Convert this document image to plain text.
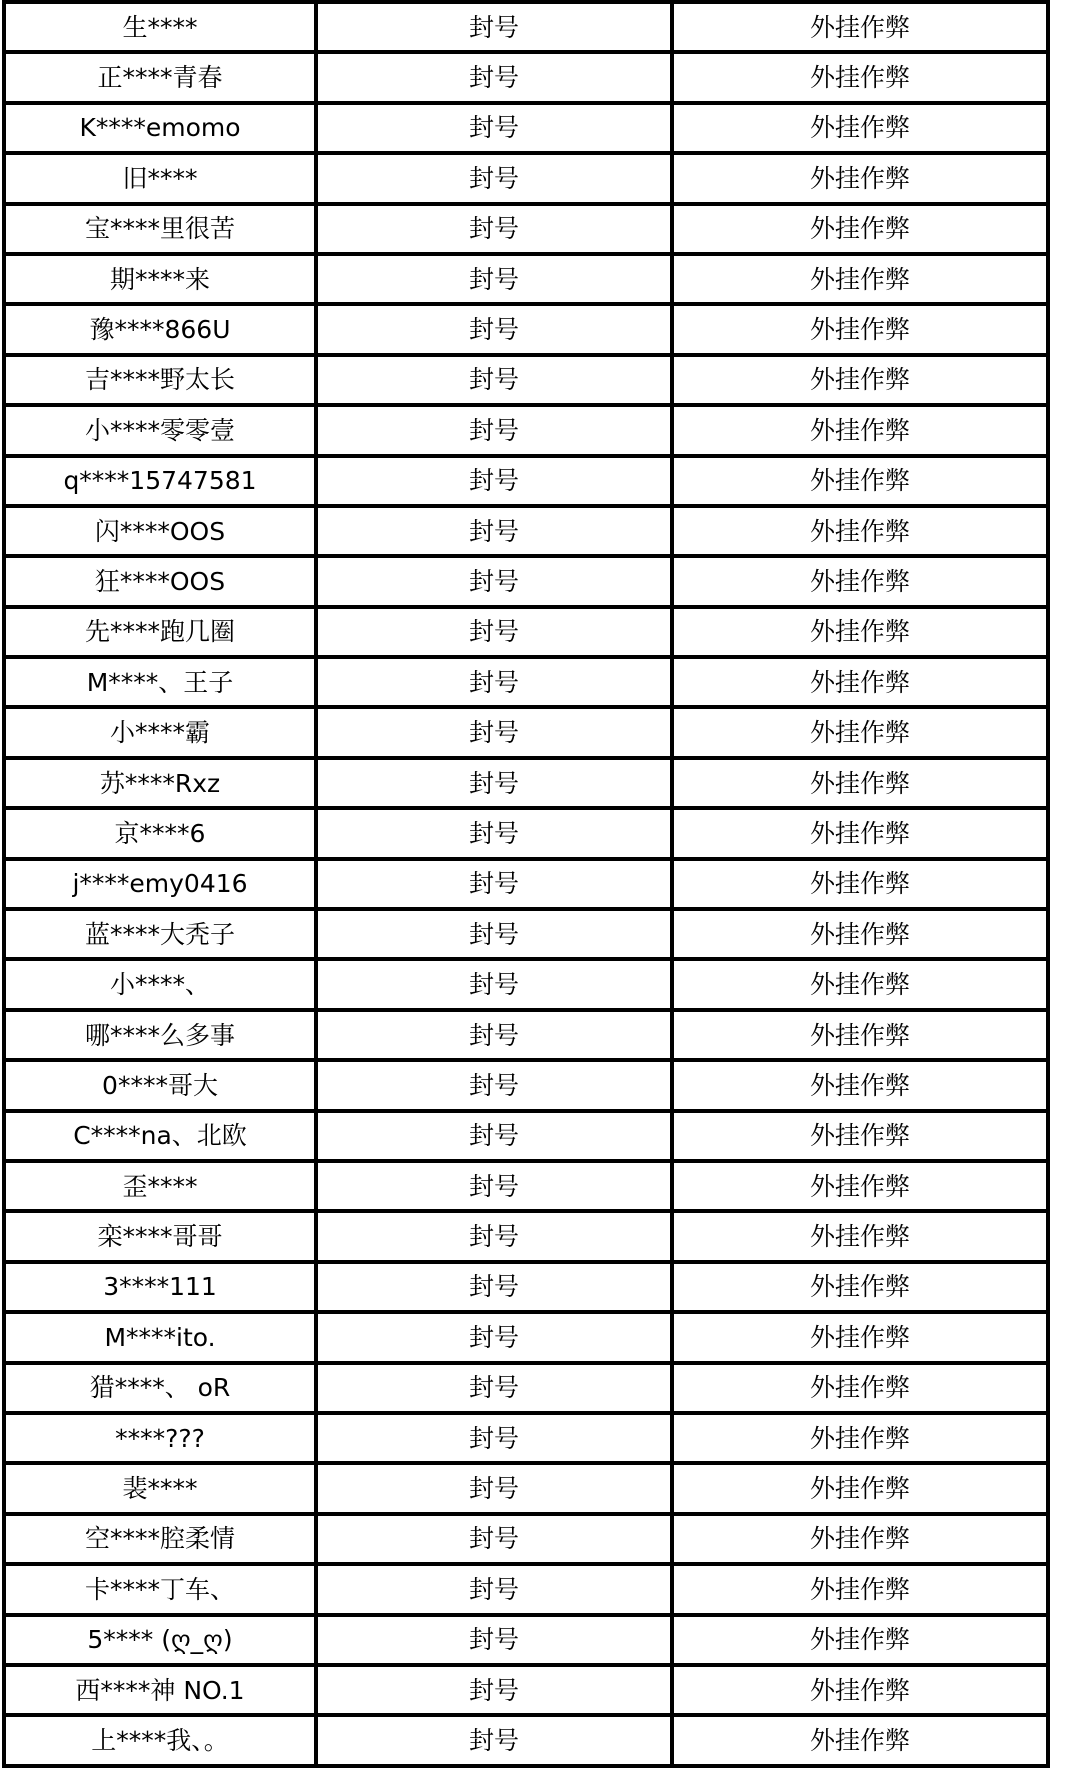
生****	封号	外挂作弊
正****青春	封号	外挂作弊
K****emomo	封号	外挂作弊
旧****	封号	外挂作弊
宝****里很苦	封号	外挂作弊
期****来	封号	外挂作弊
豫****866U	封号	外挂作弊
吉****野太长	封号	外挂作弊
小****零零壹	封号	外挂作弊
q****15747581	封号	外挂作弊
闪****OOS	封号	外挂作弊
狂****OOS	封号	外挂作弊
先****跑几圈	封号	外挂作弊
M****、王子	封号	外挂作弊
小****霸	封号	外挂作弊
苏****Rxz	封号	外挂作弊
京****6	封号	外挂作弊
j****emy0416	封号	外挂作弊
蓝****大秃子	封号	外挂作弊
小****、	封号	外挂作弊
哪****么多事	封号	外挂作弊
0****哥大	封号	外挂作弊
C****na、北欧	封号	外挂作弊
歪****	封号	外挂作弊
栾****哥哥	封号	外挂作弊
3****111	封号	外挂作弊
M****ito.	封号	外挂作弊
猎****、 oR	封号	外挂作弊
****???	封号	外挂作弊
裴****	封号	外挂作弊
空****腔柔情	封号	外挂作弊
卡****丁车、	封号	外挂作弊
5**** (ღ_ღ)	封号	外挂作弊
西****神 NO.1	封号	外挂作弊
上****我、。	封号	外挂作弊
